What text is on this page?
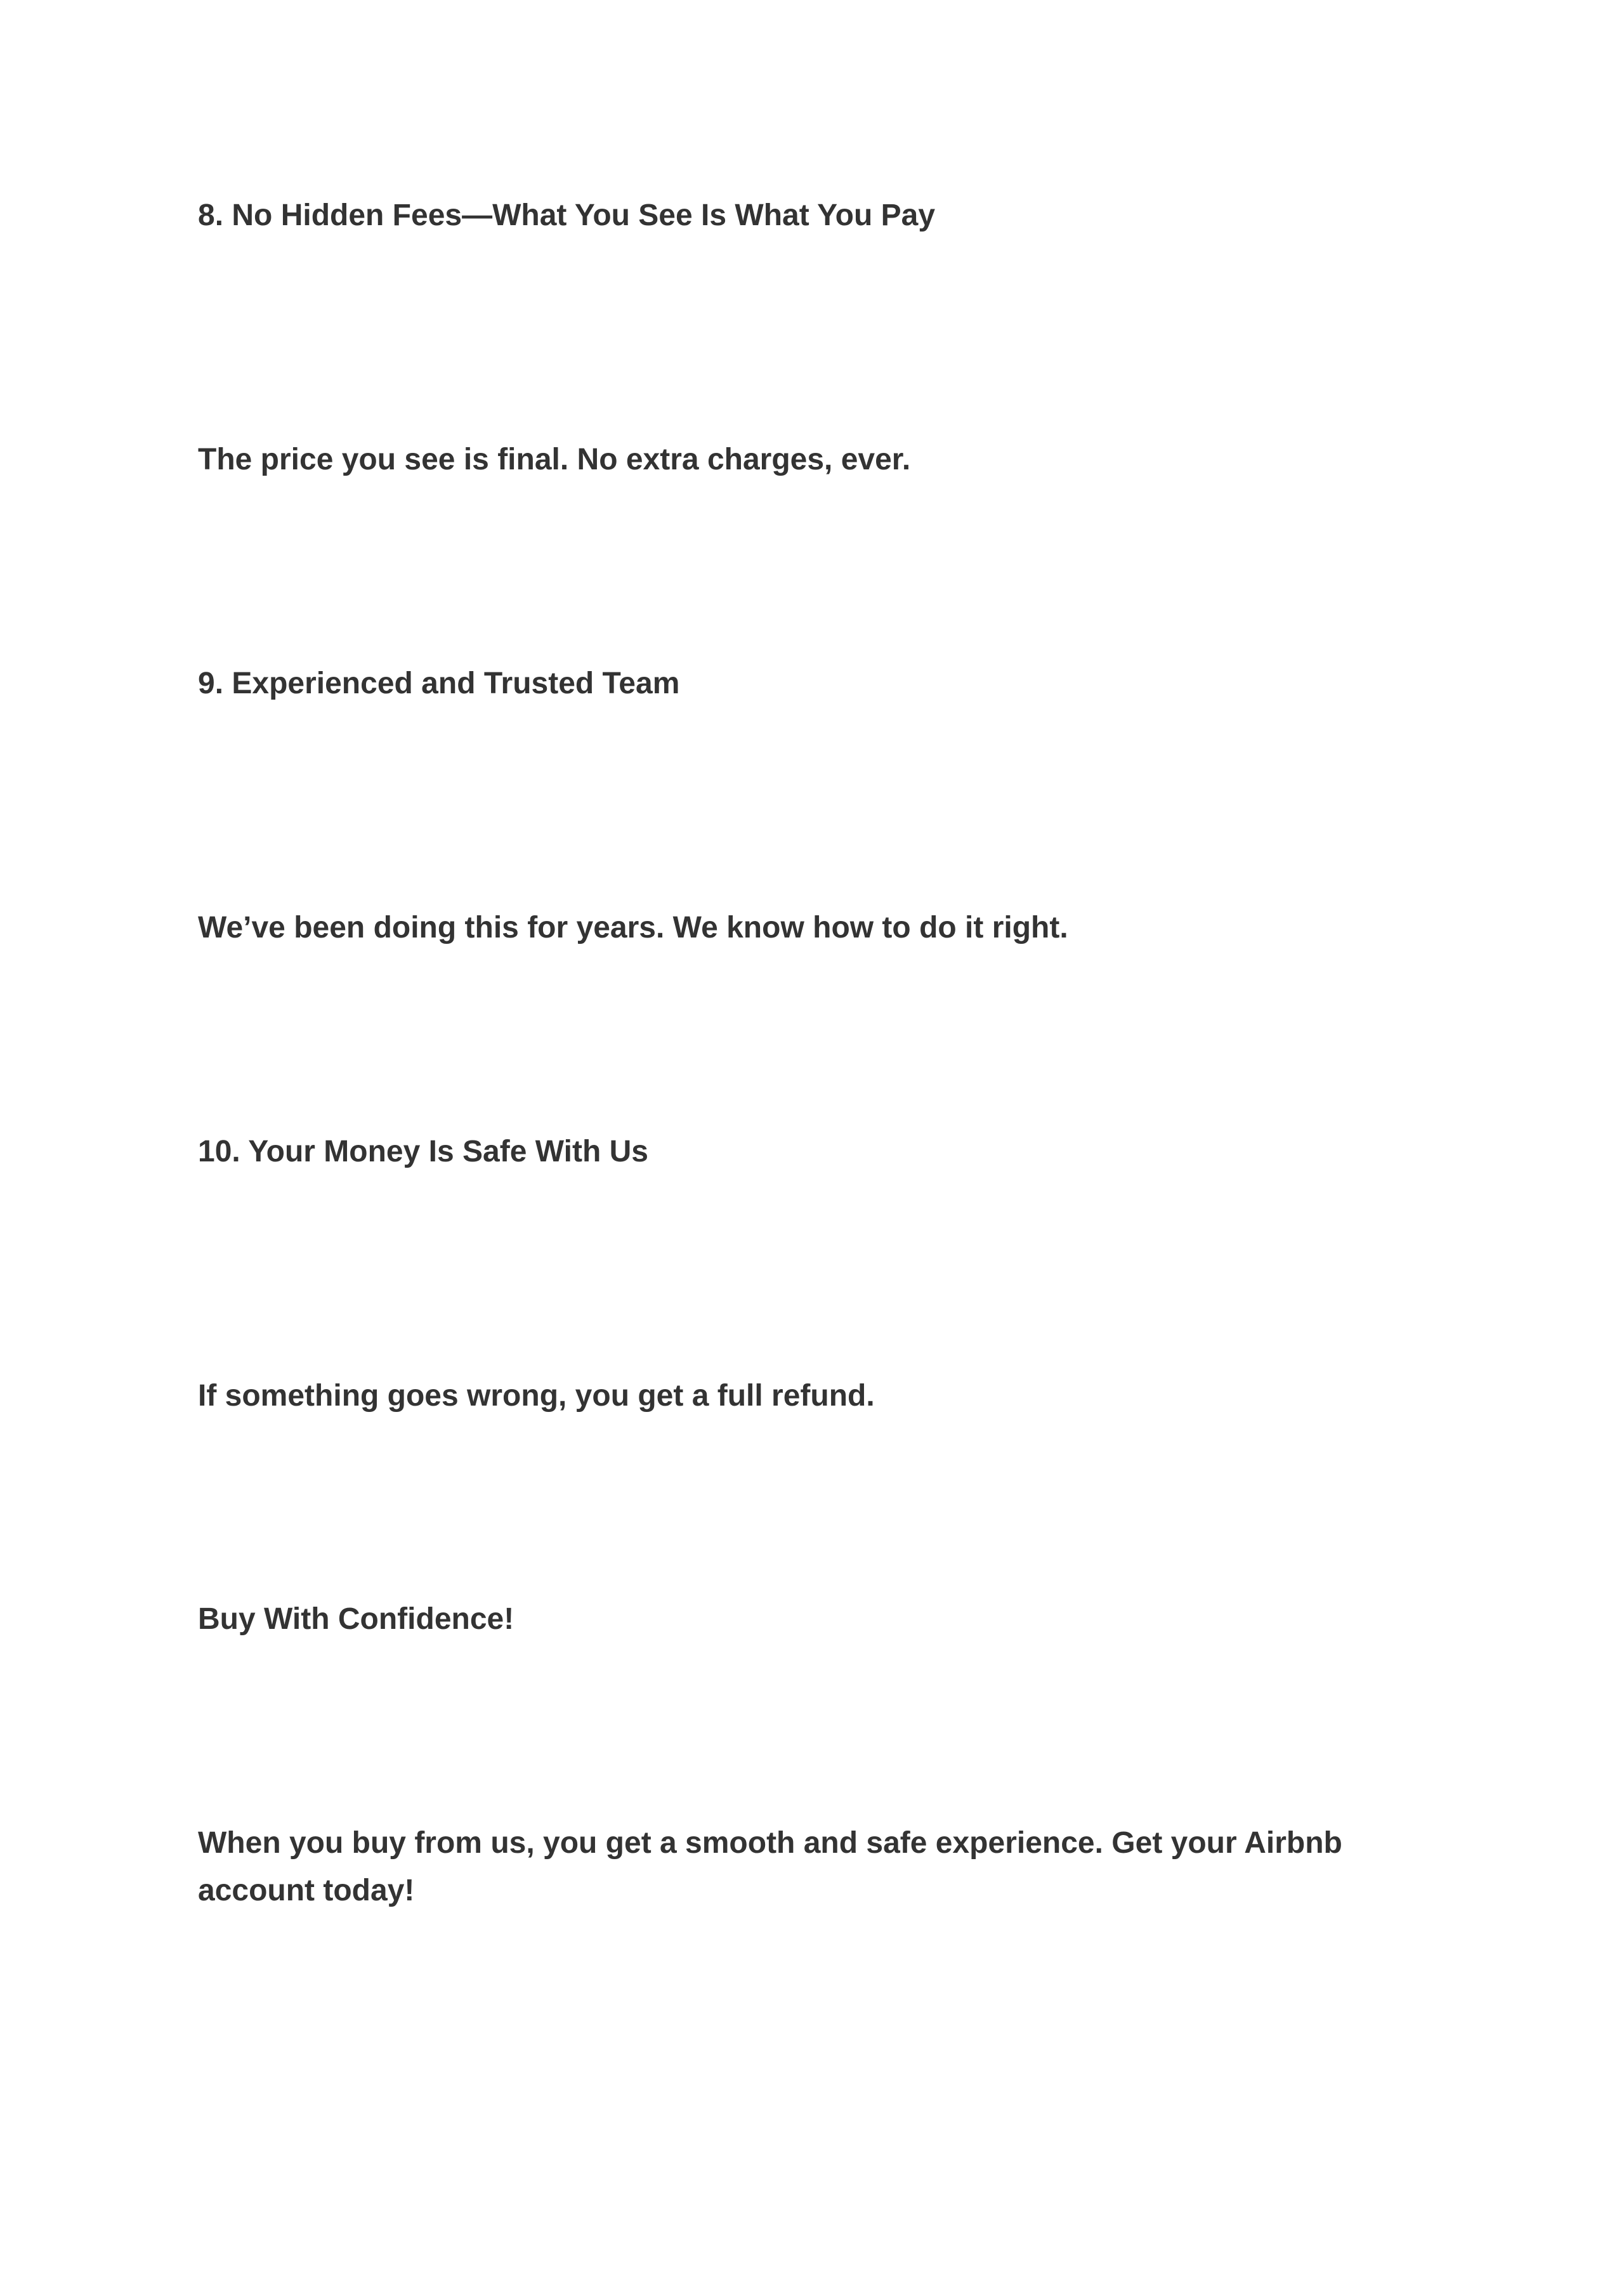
8. No Hidden Fees—What You See Is What You Pay

The price you see is final. No extra charges, ever.

9. Experienced and Trusted Team

We’ve been doing this for years. We know how to do it right.

10. Your Money Is Safe With Us

If something goes wrong, you get a full refund.

Buy With Confidence!

When you buy from us, you get a smooth and safe experience. Get your Airbnb

account today!
